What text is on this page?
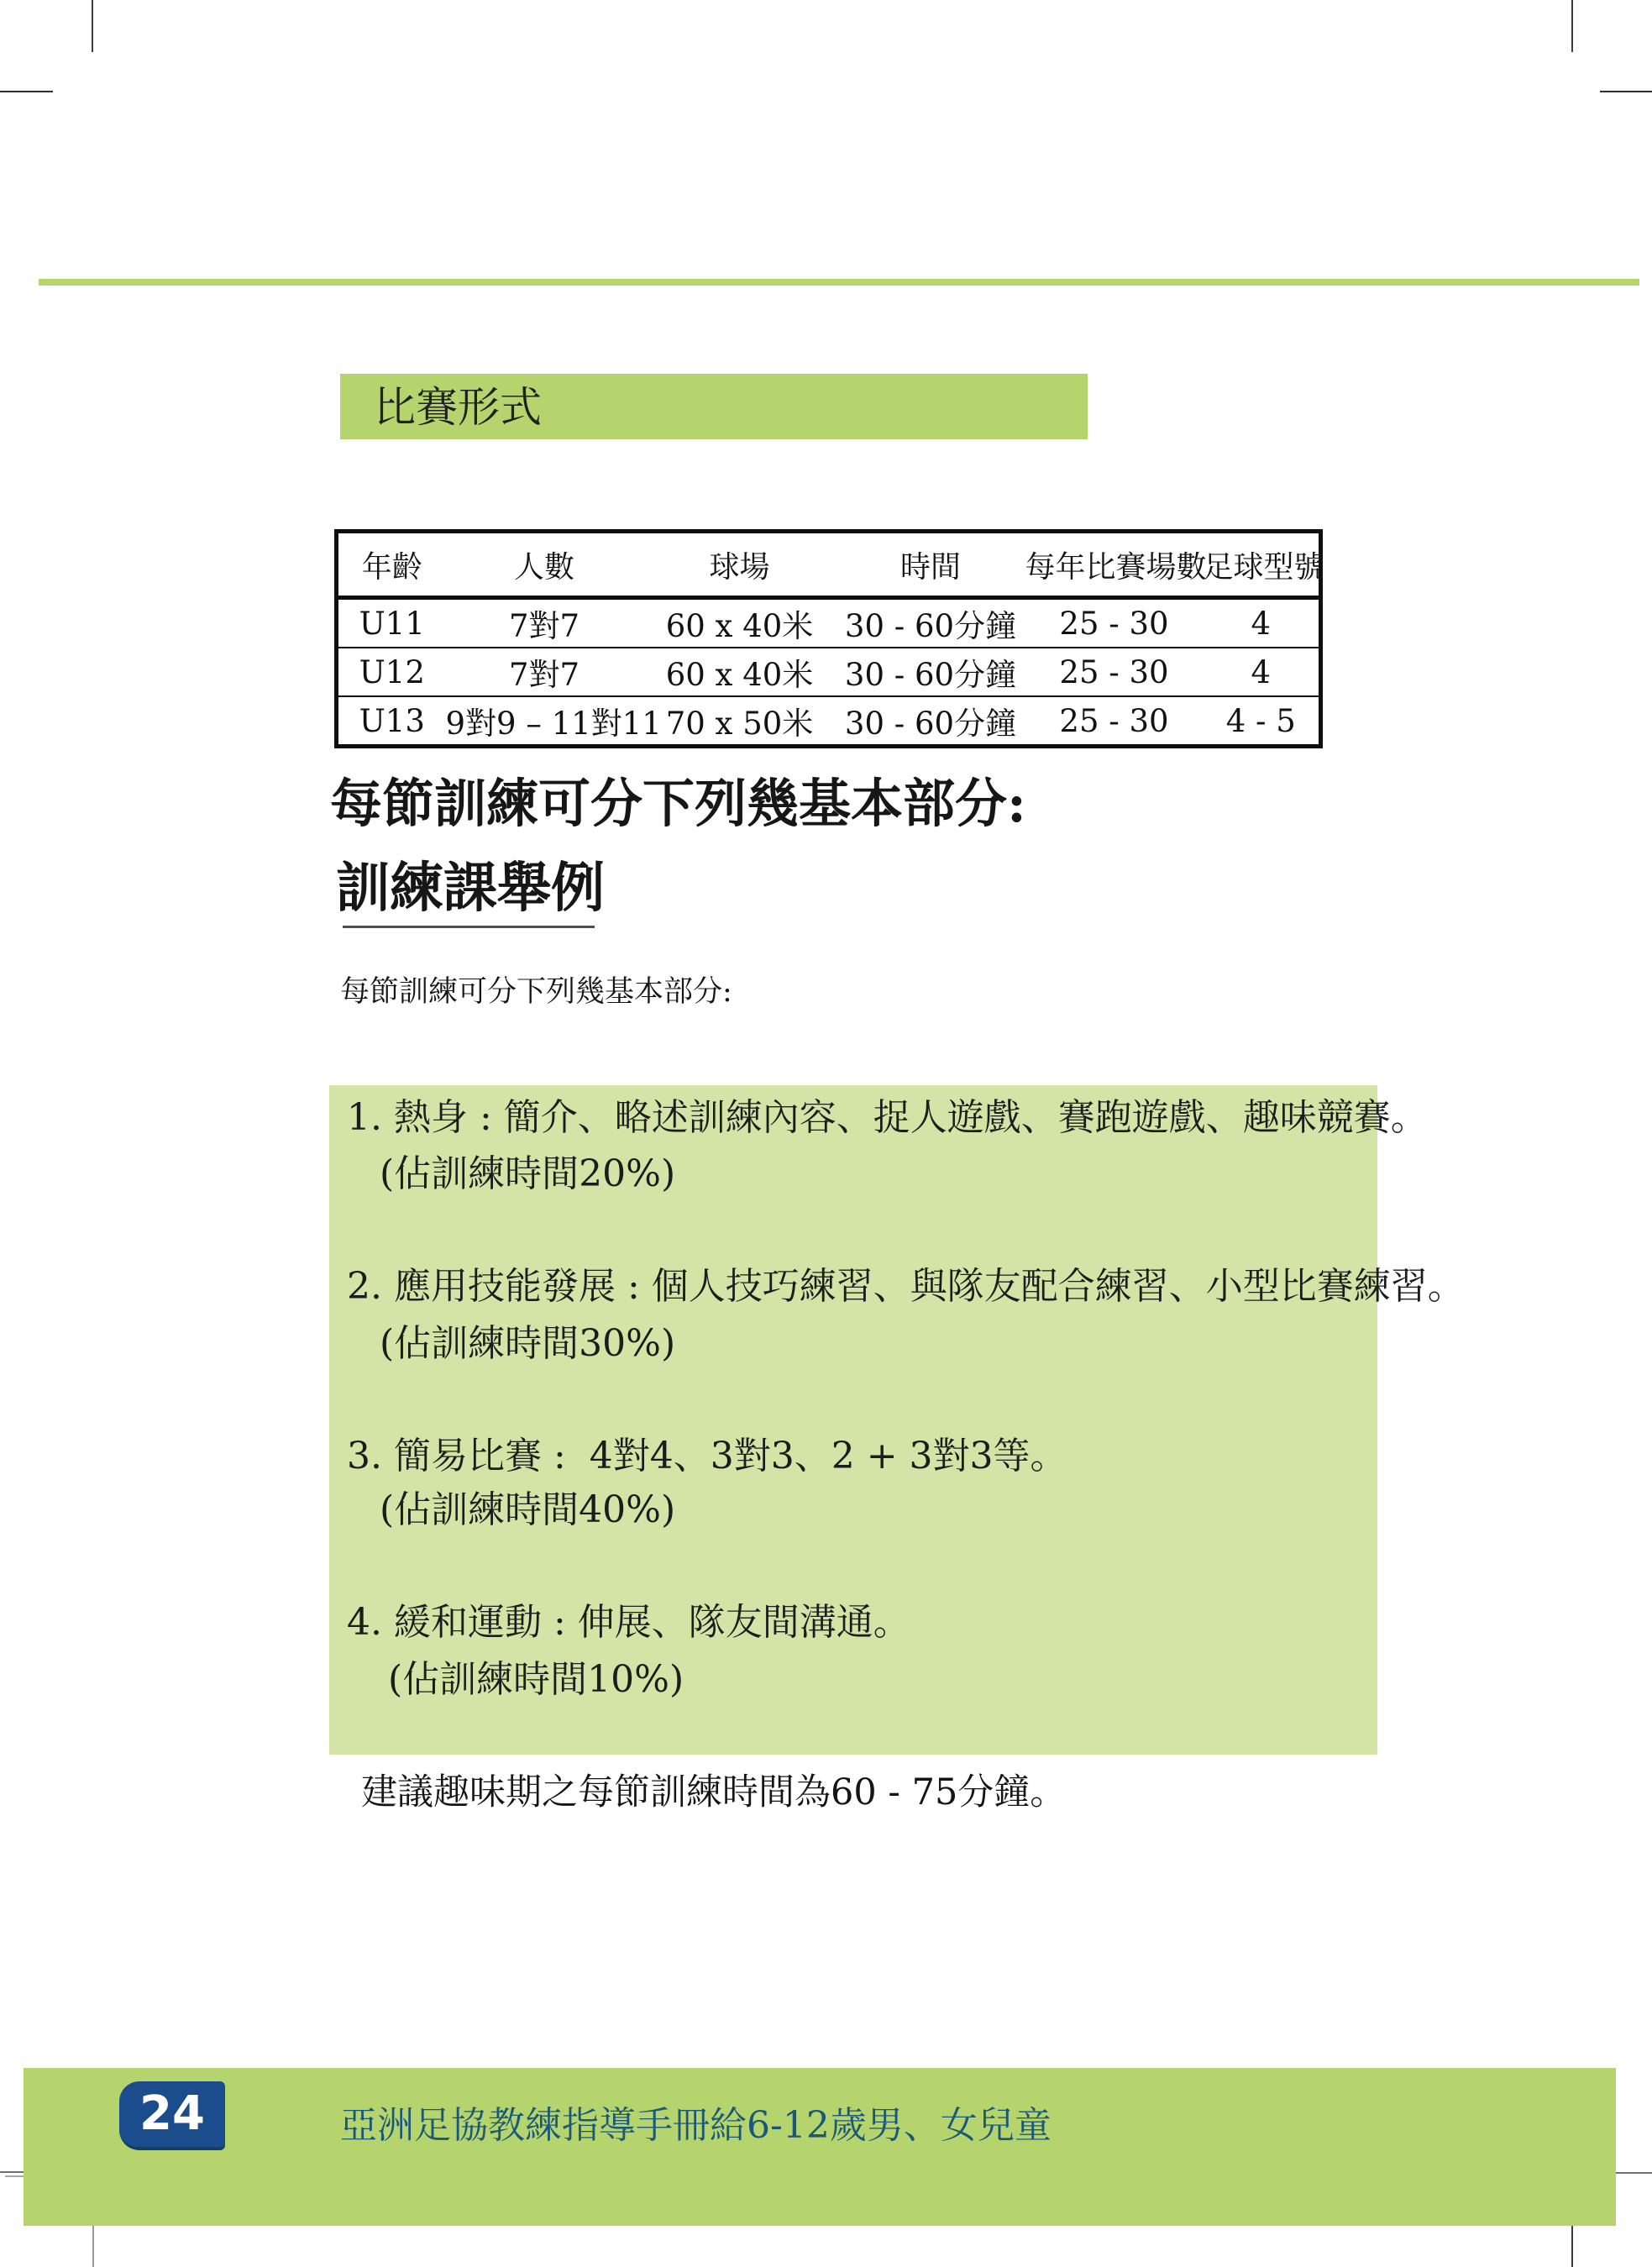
比賽形式
年齡	人數	球場	時間	每年比賽場數	足球型號
U11	7對7	60 x 40米	30 - 60分鐘	25 - 30	4
U12	7對7	60 x 40米	30 - 60分鐘	25 - 30	4
U13	9對9 – 11對11	70 x 50米	30 - 60分鐘	25 - 30	4 - 5
每節訓練可分下列幾基本部分:
訓練課舉例
每節訓練可分下列幾基本部分:
1. 熱身 : 簡介、略述訓練內容、捉人遊戲、賽跑遊戲、趣味競賽。
(佔訓練時間20%)
2. 應用技能發展 : 個人技巧練習、與隊友配合練習、小型比賽練習。
(佔訓練時間30%)
3. 簡易比賽 :  4對4、3對3、2 + 3對3等。
(佔訓練時間40%)
4. 緩和運動 : 伸展、隊友間溝通。
(佔訓練時間10%)
建議趣味期之每節訓練時間為60 - 75分鐘。
24	亞洲足協教練指導手冊給6-12歲男、女兒童
